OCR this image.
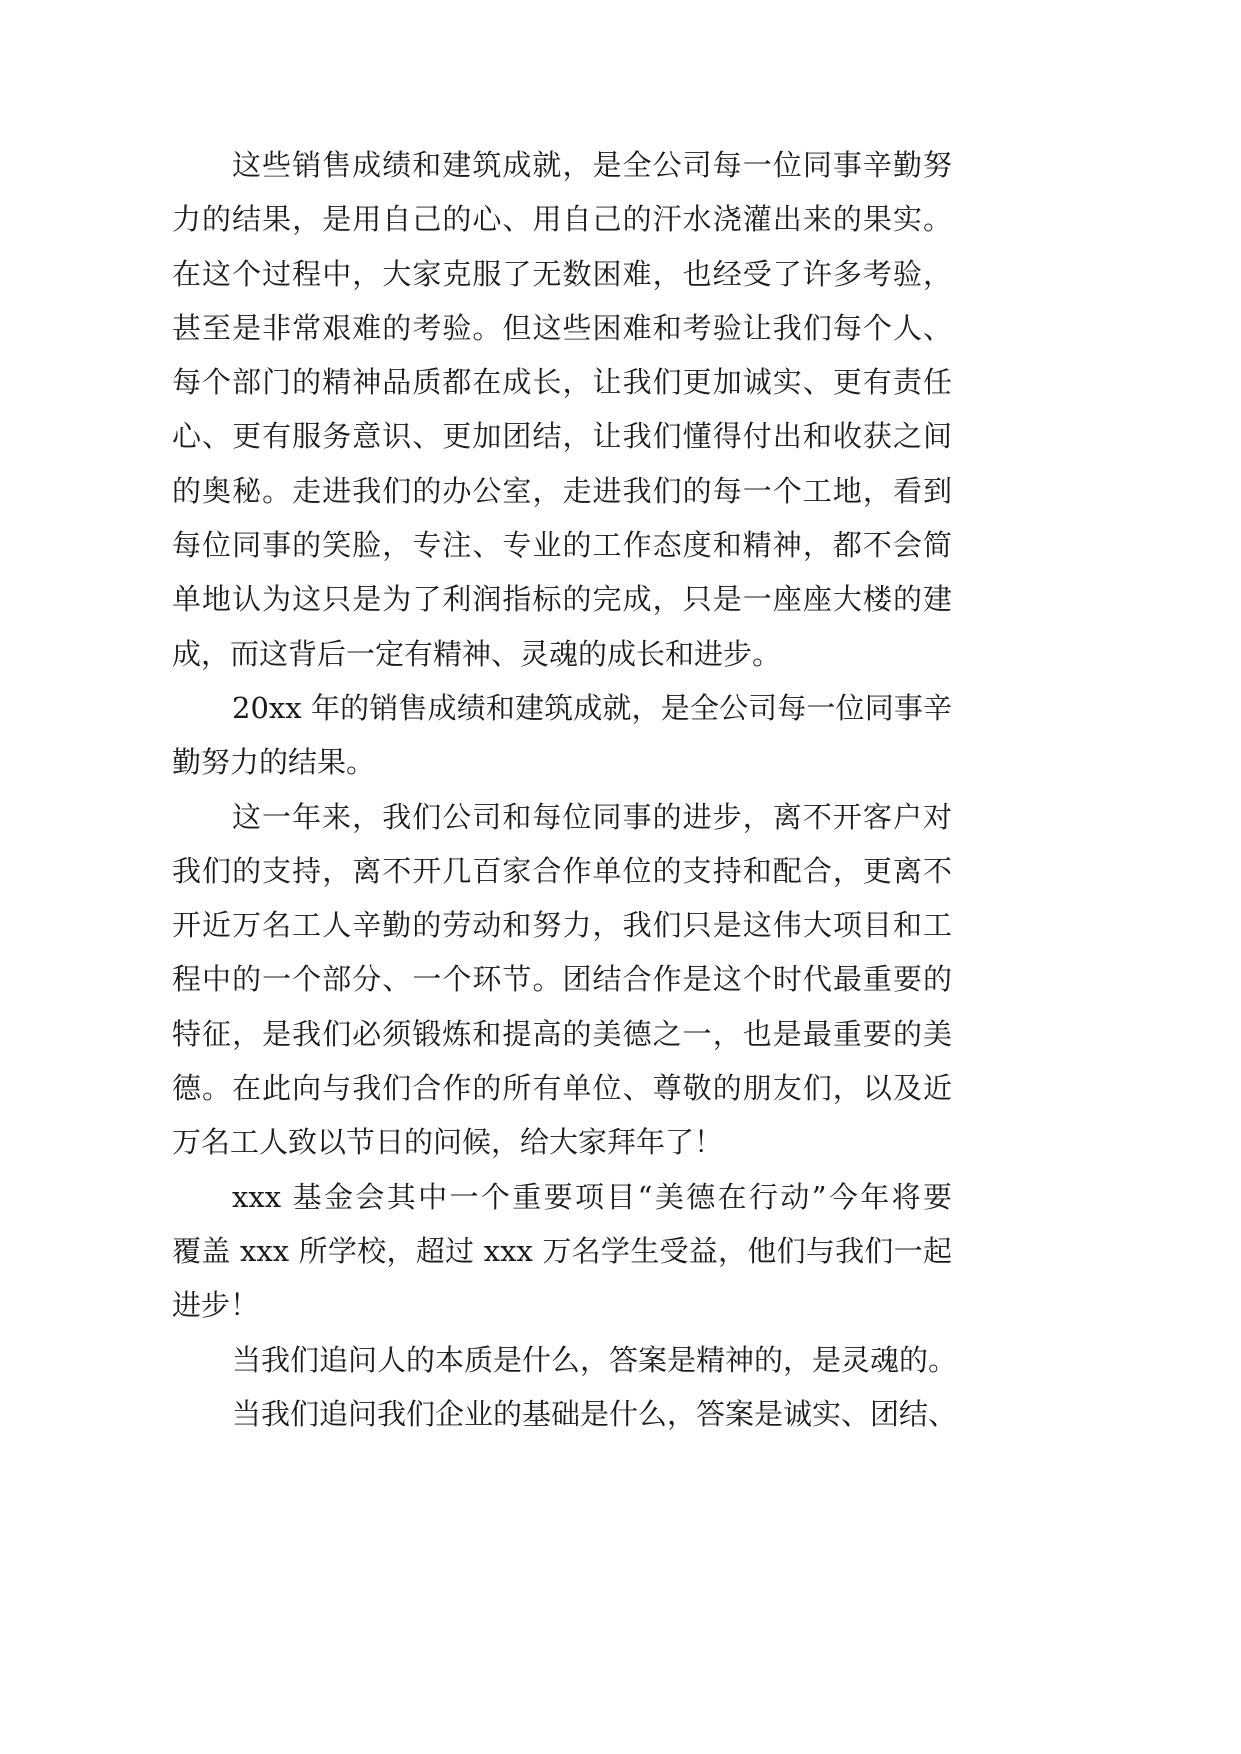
这些销售成绩和建筑成就，是全公司每一位同事辛勤努
力的结果，是用自己的心、用自己的汗水浇灌出来的果实。
在这个过程中，大家克服了无数困难，也经受了许多考验，
甚至是非常艰难的考验。但这些困难和考验让我们每个人、
每个部门的精神品质都在成长，让我们更加诚实、更有责任
心、更有服务意识、更加团结，让我们懂得付出和收获之间
的奥秘。走进我们的办公室，走进我们的每一个工地，看到
每位同事的笑脸，专注、专业的工作态度和精神，都不会简
单地认为这只是为了利润指标的完成，只是一座座大楼的建
成，而这背后一定有精神、灵魂的成长和进步。
20xx 年的销售成绩和建筑成就，是全公司每一位同事辛
勤努力的结果。
这一年来，我们公司和每位同事的进步，离不开客户对
我们的支持，离不开几百家合作单位的支持和配合，更离不
开近万名工人辛勤的劳动和努力，我们只是这伟大项目和工
程中的一个部分、一个环节。团结合作是这个时代最重要的
特征，是我们必须锻炼和提高的美德之一，也是最重要的美
德。在此向与我们合作的所有单位、尊敬的朋友们，以及近
万名工人致以节日的问候，给大家拜年了！
xxx 基金会其中一个重要项目“美德在行动”今年将要
覆盖 xxx 所学校，超过 xxx 万名学生受益，他们与我们一起
进步！
当我们追问人的本质是什么，答案是精神的，是灵魂的。
当我们追问我们企业的基础是什么，答案是诚实、团结、
